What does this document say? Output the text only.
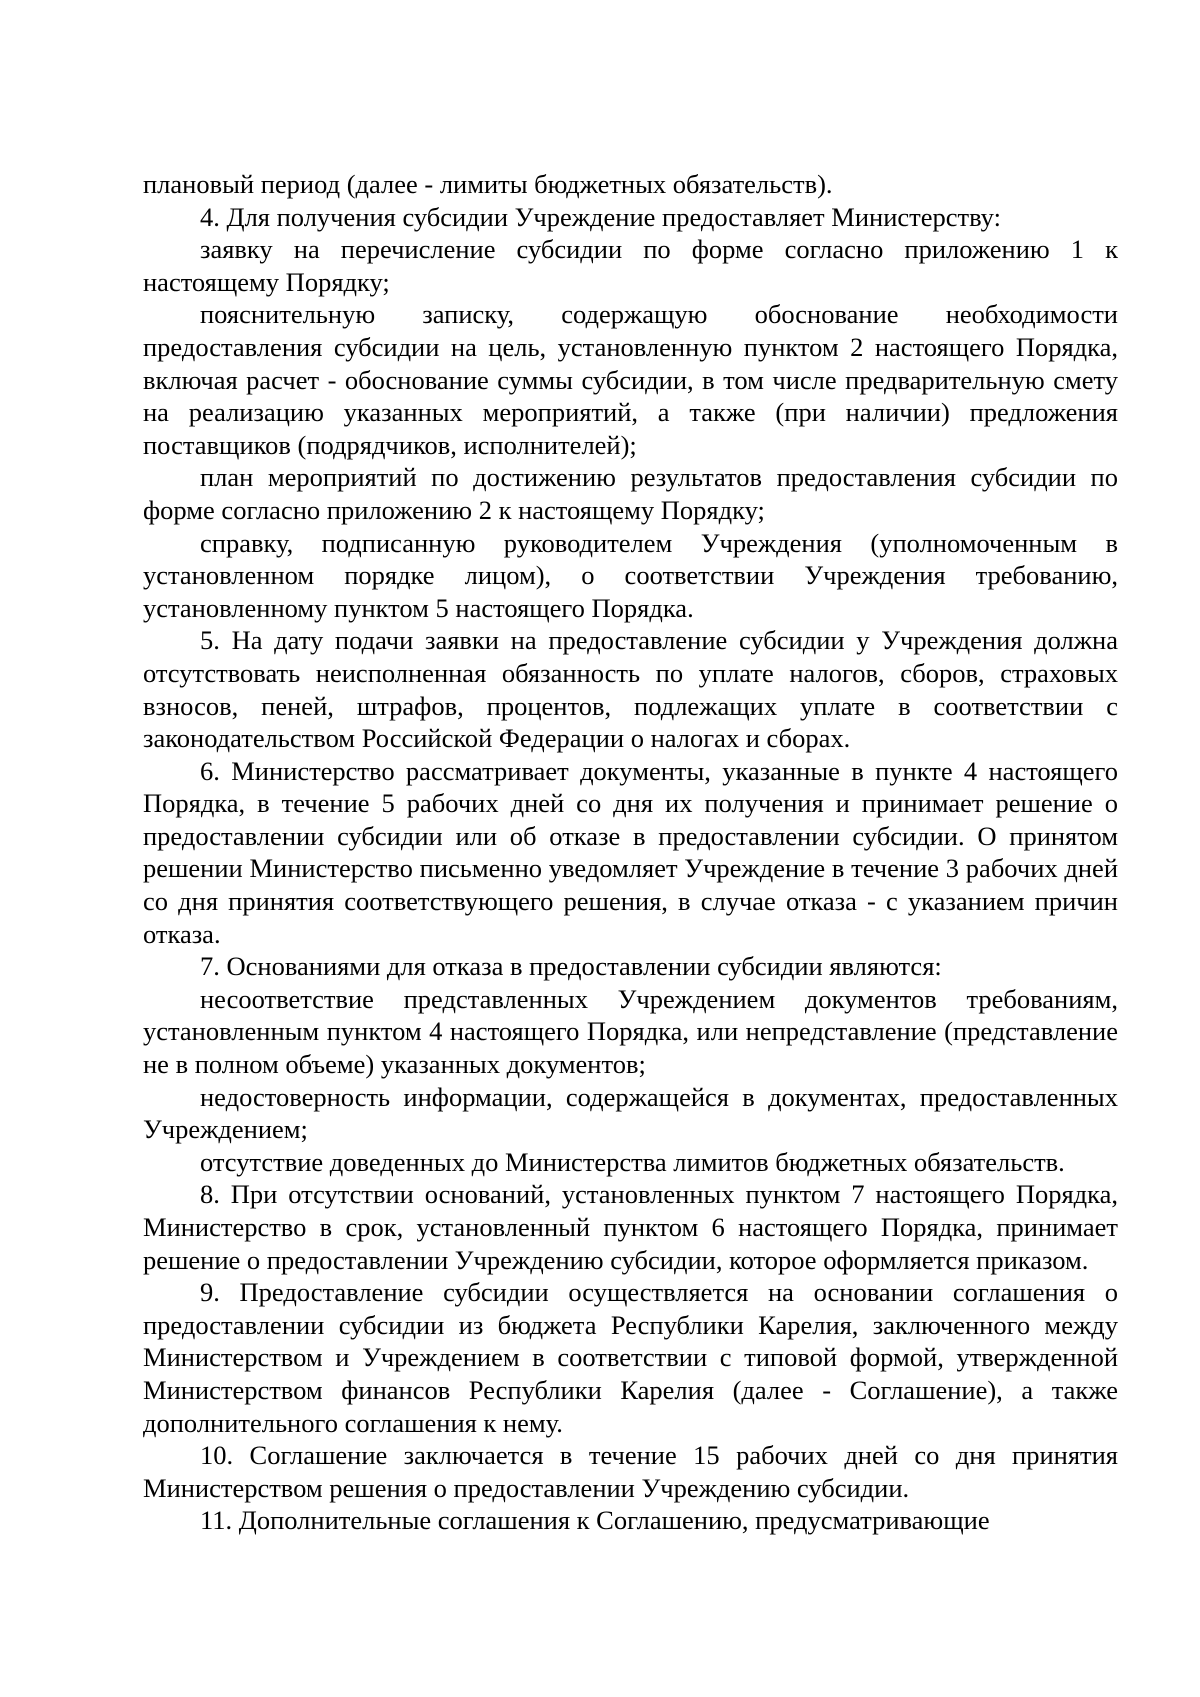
плановый период (далее - лимиты бюджетных обязательств).

4. Для получения субсидии Учреждение предоставляет Министерству:

заявку на перечисление субсидии по форме согласно приложению 1 к настоящему Порядку;

пояснительную записку, содержащую обоснование необходимости предоставления субсидии на цель, установленную пунктом 2 настоящего Порядка, включая расчет - обоснование суммы субсидии, в том числе предварительную смету на реализацию указанных мероприятий, а также (при наличии) предложения поставщиков (подрядчиков, исполнителей);

план мероприятий по достижению результатов предоставления субсидии по форме согласно приложению 2 к настоящему Порядку;

справку, подписанную руководителем Учреждения (уполномоченным в установленном порядке лицом), о соответствии Учреждения требованию, установленному пунктом 5 настоящего Порядка.

5. На дату подачи заявки на предоставление субсидии у Учреждения должна отсутствовать неисполненная обязанность по уплате налогов, сборов, страховых взносов, пеней, штрафов, процентов, подлежащих уплате в соответствии с законодательством Российской Федерации о налогах и сборах.

6. Министерство рассматривает документы, указанные в пункте 4 настоящего Порядка, в течение 5 рабочих дней со дня их получения и принимает решение о предоставлении субсидии или об отказе в предоставлении субсидии. О принятом решении Министерство письменно уведомляет Учреждение в течение 3 рабочих дней со дня принятия соответствующего решения, в случае отказа - с указанием причин отказа.

7. Основаниями для отказа в предоставлении субсидии являются:

несоответствие представленных Учреждением документов требованиям, установленным пунктом 4 настоящего Порядка, или непредставление (представление не в полном объеме) указанных документов;

недостоверность информации, содержащейся в документах, предоставленных Учреждением;

отсутствие доведенных до Министерства лимитов бюджетных обязательств.

8. При отсутствии оснований, установленных пунктом 7 настоящего Порядка, Министерство в срок, установленный пунктом 6 настоящего Порядка, принимает решение о предоставлении Учреждению субсидии, которое оформляется приказом.

9. Предоставление субсидии осуществляется на основании соглашения о предоставлении субсидии из бюджета Республики Карелия, заключенного между Министерством и Учреждением в соответствии с типовой формой, утвержденной Министерством финансов Республики Карелия (далее - Соглашение), а также дополнительного соглашения к нему.

10. Соглашение заключается в течение 15 рабочих дней со дня принятия Министерством решения о предоставлении Учреждению субсидии.

11. Дополнительные соглашения к Соглашению, предусматривающие
